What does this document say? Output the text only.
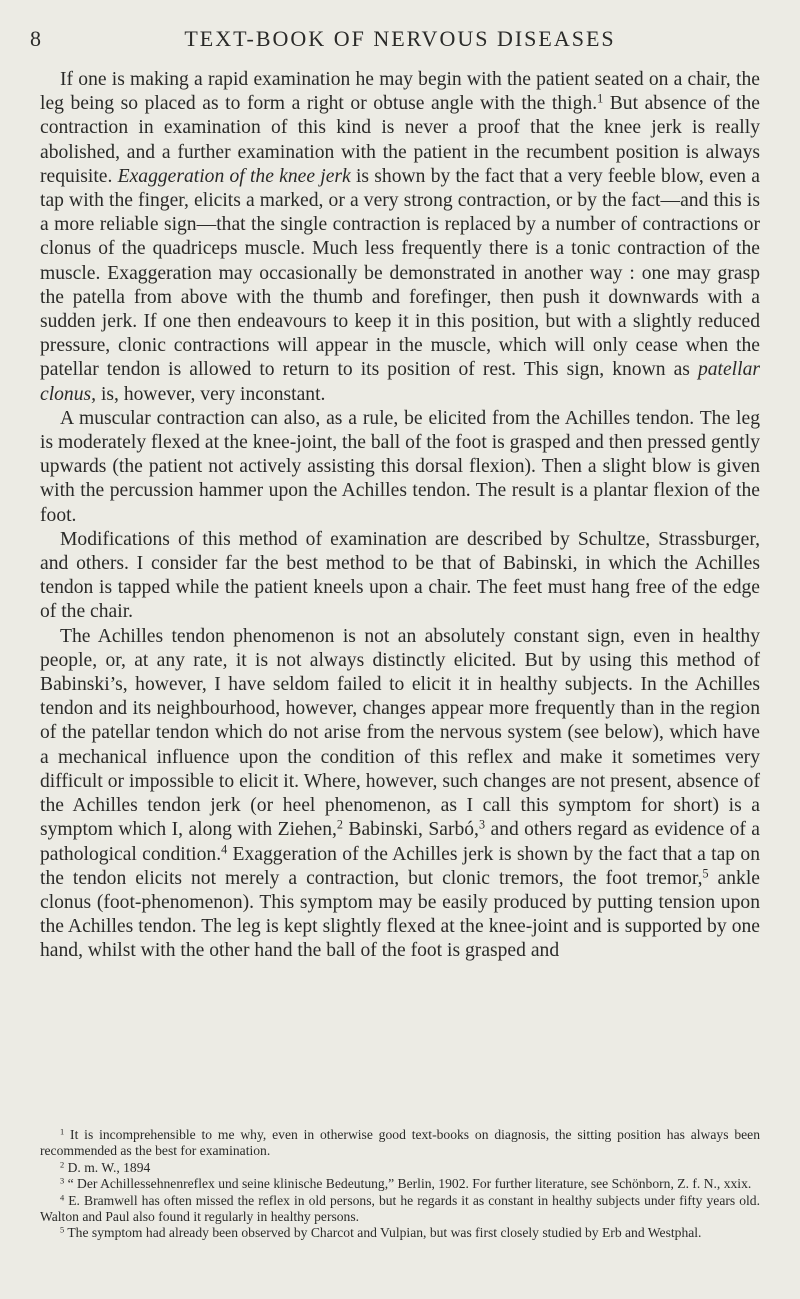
8	TEXT-BOOK OF NERVOUS DISEASES

If one is making a rapid examination he may begin with the patient seated on a chair, the leg being so placed as to form a right or obtuse angle with the thigh.$^1$ But absence of the contraction in examination of this kind is never a proof that the knee jerk is really abolished, and a further examination with the patient in the recumbent position is always requisite. Exaggeration of the knee jerk is shown by the fact that a very feeble blow, even a tap with the finger, elicits a marked, or a very strong contraction, or by the fact—and this is a more reliable sign—that the single contraction is replaced by a number of contractions or clonus of the quadriceps muscle. Much less frequently there is a tonic contraction of the muscle. Exaggeration may occasionally be demonstrated in another way : one may grasp the patella from above with the thumb and forefinger, then push it downwards with a sudden jerk. If one then endeavours to keep it in this position, but with a slightly reduced pressure, clonic contractions will appear in the muscle, which will only cease when the patellar tendon is allowed to return to its position of rest. This sign, known as patellar clonus, is, however, very inconstant.

A muscular contraction can also, as a rule, be elicited from the Achilles tendon. The leg is moderately flexed at the knee-joint, the ball of the foot is grasped and then pressed gently upwards (the patient not actively assisting this dorsal flexion). Then a slight blow is given with the percussion hammer upon the Achilles tendon. The result is a plantar flexion of the foot.

Modifications of this method of examination are described by Schultze, Strassburger, and others. I consider far the best method to be that of Babinski, in which the Achilles tendon is tapped while the patient kneels upon a chair. The feet must hang free of the edge of the chair.

The Achilles tendon phenomenon is not an absolutely constant sign, even in healthy people, or, at any rate, it is not always distinctly elicited. But by using this method of Babinski’s, however, I have seldom failed to elicit it in healthy subjects. In the Achilles tendon and its neighbourhood, however, changes appear more frequently than in the region of the patellar tendon which do not arise from the nervous system (see below), which have a mechanical influence upon the condition of this reflex and make it sometimes very difficult or impossible to elicit it. Where, however, such changes are not present, absence of the Achilles tendon jerk (or heel phenomenon, as I call this symptom for short) is a symptom which I, along with Ziehen,$^2$ Babinski, Sarbó,$^3$ and others regard as evidence of a pathological condition.$^4$ Exaggeration of the Achilles jerk is shown by the fact that a tap on the tendon elicits not merely a contraction, but clonic tremors, the foot tremor,$^5$ ankle clonus (foot-phenomenon). This symptom may be easily produced by putting tension upon the Achilles tendon. The leg is kept slightly flexed at the knee-joint and is supported by one hand, whilst with the other hand the ball of the foot is grasped and

$^1$ It is incomprehensible to me why, even in otherwise good text-books on diagnosis, the sitting position has always been recommended as the best for examination.

$^2$ D. m. W., 1894

$^3$ “ Der Achillessehnenreflex und seine klinische Bedeutung,” Berlin, 1902. For further literature, see Schönborn, Z. f. N., xxix.

$^4$ E. Bramwell has often missed the reflex in old persons, but he regards it as constant in healthy subjects under fifty years old. Walton and Paul also found it regularly in healthy persons.

$^5$ The symptom had already been observed by Charcot and Vulpian, but was first closely studied by Erb and Westphal.
